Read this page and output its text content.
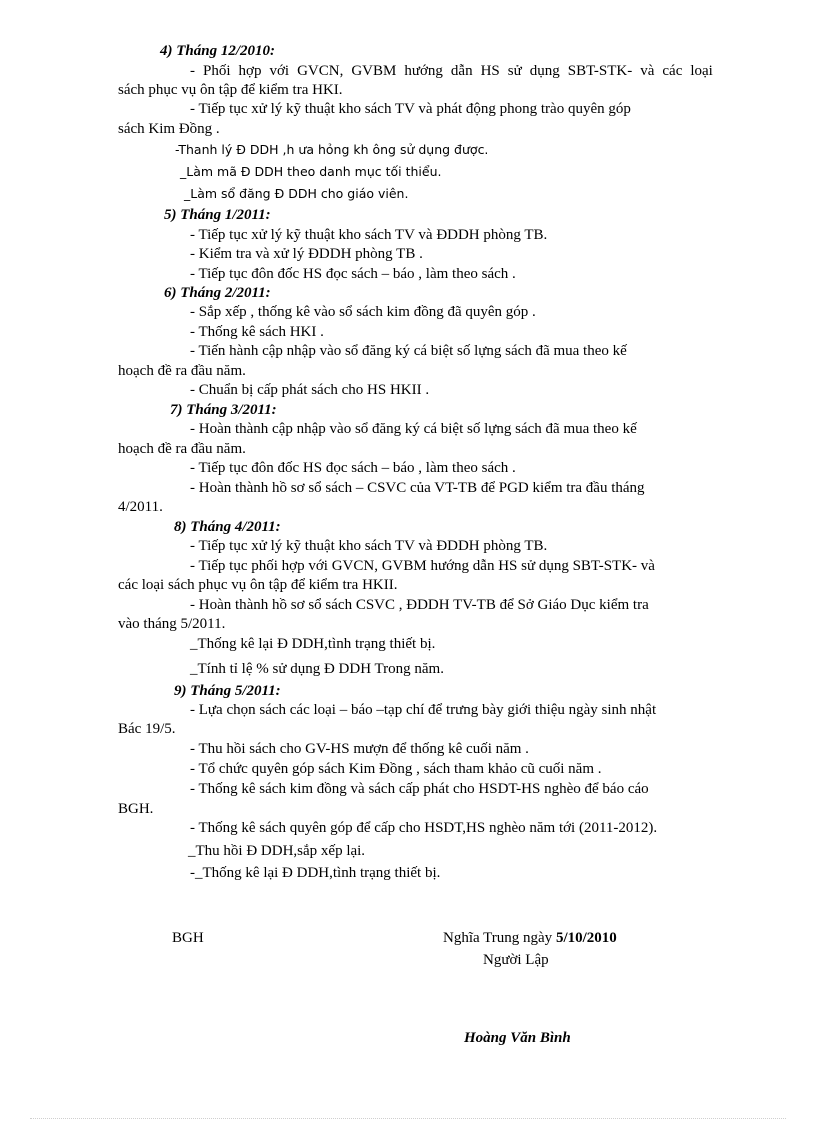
4) Tháng 12/2010:
- Phối hợp với GVCN, GVBM hướng dẫn HS sử dụng SBT-STK- và các loại
sách phục vụ ôn tập để kiểm tra HKI.
- Tiếp tục xử lý kỹ thuật kho sách TV và phát động phong trào quyên góp
sách Kim Đồng .
-Thanh lý Đ DDH ,h ưa hỏng kh ông sử dụng được.
_Làm mã Đ DDH theo danh mục tối thiểu.
_Làm sổ đăng Đ DDH cho giáo viên.
5) Tháng 1/2011:
- Tiếp tục xử lý kỹ thuật kho sách TV và ĐDDH phòng TB.
- Kiểm tra và xử lý ĐDDH phòng TB .
- Tiếp tục đôn đốc HS đọc sách – báo , làm theo sách .
6) Tháng 2/2011:
- Sắp xếp , thống kê vào sổ sách kim đồng đã quyên góp .
- Thống kê sách HKI .
- Tiến hành cập nhập vào sổ đăng ký cá biệt số lựng sách đã mua theo kế
hoạch đề ra đầu năm.
- Chuẩn bị cấp phát sách cho HS HKII .
7) Tháng 3/2011:
- Hoàn thành cập nhập vào sổ đăng ký cá biệt số lựng sách đã mua theo kế
hoạch đề ra đầu năm.
- Tiếp tục đôn đốc HS đọc sách – báo , làm theo sách .
- Hoàn thành hồ sơ sổ sách – CSVC của VT-TB để PGD kiểm tra đầu tháng
4/2011.
8) Tháng 4/2011:
- Tiếp tục xử lý kỹ thuật kho sách TV và ĐDDH phòng TB.
- Tiếp tục phối hợp với GVCN, GVBM hướng dẫn HS sử dụng SBT-STK- và
các loại sách phục vụ ôn tập để kiểm tra HKII.
- Hoàn thành hồ sơ sổ sách CSVC , ĐDDH TV-TB để Sở Giáo Dục kiểm tra
vào tháng 5/2011.
_Thống kê lại Đ DDH,tình trạng thiết bị.
_Tính tỉ lệ % sử dụng Đ DDH Trong năm.
9) Tháng 5/2011:
- Lựa chọn sách các loại – báo –tạp chí để trưng bày giới thiệu ngày sinh nhật
Bác 19/5.
- Thu hồi sách cho GV-HS mượn để thống kê cuối năm .
- Tổ chức quyên góp sách Kim Đồng , sách tham khảo cũ cuối năm .
- Thống kê sách kim đồng và sách cấp phát cho HSDT-HS nghèo để báo cáo
BGH.
- Thống kê sách quyên góp để cấp cho HSDT,HS nghèo năm tới (2011-2012).
_Thu hồi Đ DDH,sắp xếp lại.
-_Thống kê lại Đ DDH,tình trạng thiết bị.
BGH	Nghĩa Trung ngày 5/10/2010
Người Lập
Hoàng Văn Bình
